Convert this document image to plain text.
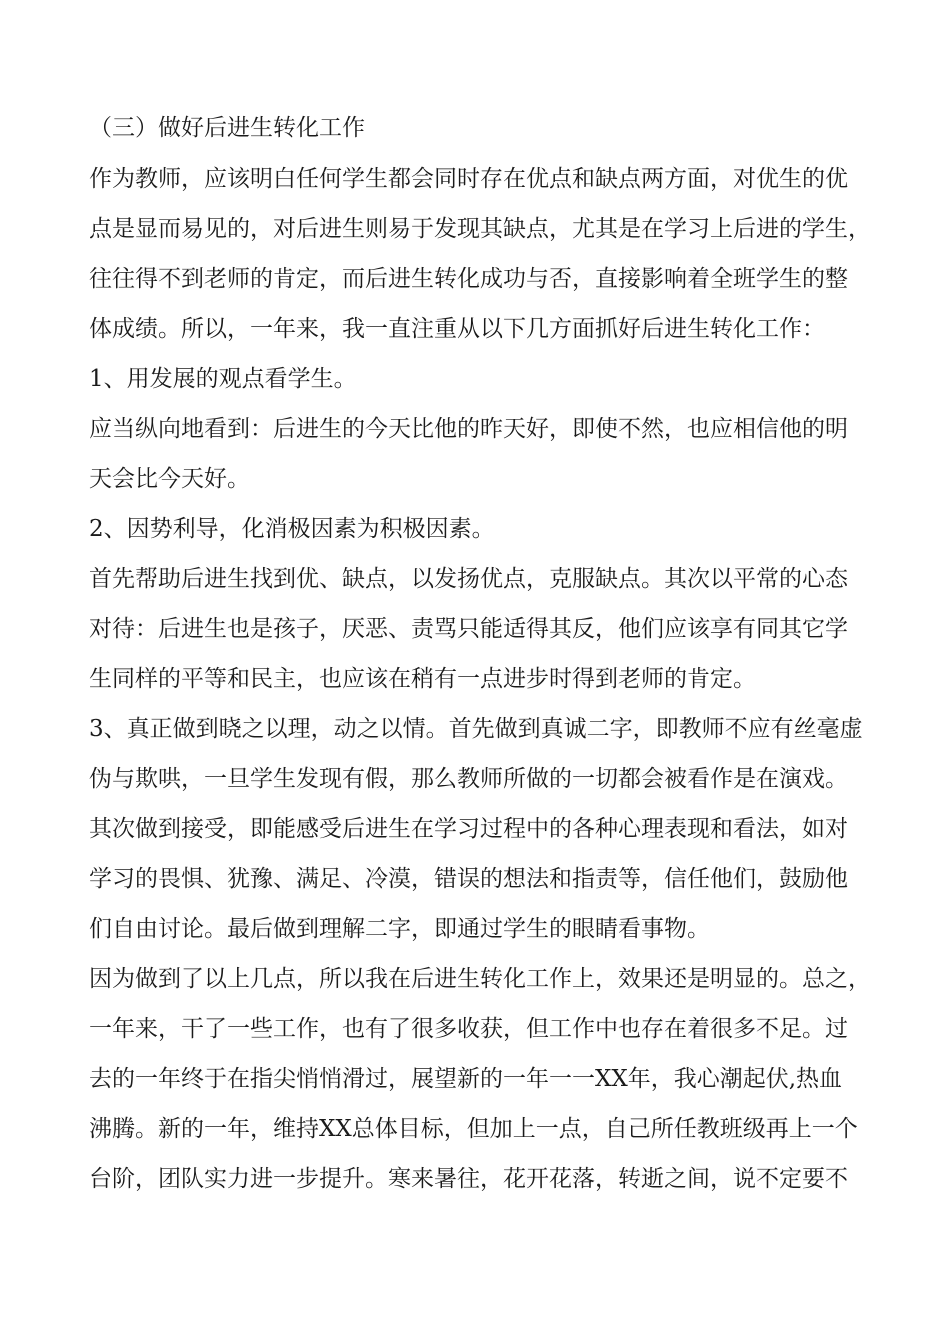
（三）做好后进生转化工作
作为教师，应该明白任何学生都会同时存在优点和缺点两方面，对优生的优
点是显而易见的，对后进生则易于发现其缺点，尤其是在学习上后进的学生，
往往得不到老师的肯定，而后进生转化成功与否，直接影响着全班学生的整
体成绩。所以，一年来，我一直注重从以下几方面抓好后进生转化工作：
1、用发展的观点看学生。
应当纵向地看到：后进生的今天比他的昨天好，即使不然，也应相信他的明
天会比今天好。
2、因势利导，化消极因素为积极因素。
首先帮助后进生找到优、缺点，以发扬优点，克服缺点。其次以平常的心态
对待：后进生也是孩子，厌恶、责骂只能适得其反，他们应该享有同其它学
生同样的平等和民主，也应该在稍有一点进步时得到老师的肯定。
3、真正做到晓之以理，动之以情。首先做到真诚二字，即教师不应有丝毫虚
伪与欺哄，一旦学生发现有假，那么教师所做的一切都会被看作是在演戏。
其次做到接受，即能感受后进生在学习过程中的各种心理表现和看法，如对
学习的畏惧、犹豫、满足、冷漠，错误的想法和指责等，信任他们，鼓励他
们自由讨论。最后做到理解二字，即通过学生的眼睛看事物。
因为做到了以上几点，所以我在后进生转化工作上，效果还是明显的。总之，
一年来，干了一些工作，也有了很多收获，但工作中也存在着很多不足。过
去的一年终于在指尖悄悄滑过，展望新的一年一一XX年，我心潮起伏,热血
沸腾。新的一年，维持XX总体目标，但加上一点，自己所任教班级再上一个
台阶，团队实力进一步提升。寒来暑往，花开花落，转逝之间，说不定要不
